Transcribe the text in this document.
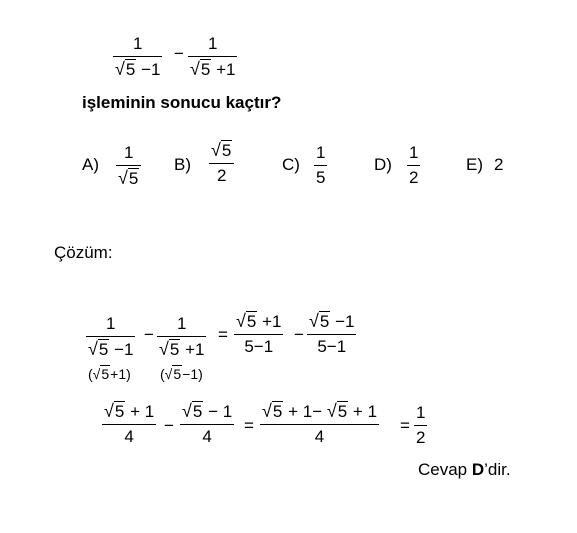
1
√5 −1
−
1
√5 +1
işleminin sonucu kaçtır?
A)
1
√5
B)
√5
2
C)
1
5
D)
1
2
E) 2
Çözüm:
1
√5 −1
−
1
√5 +1
=
√5 +1
5−1
−
√5 −1
5−1
(√5+1) (√5−1)
√5 + 1
4
−
√5 − 1
4
=
√5 + 1− √5 + 1
4
=
1
2
Cevap D’dir.
